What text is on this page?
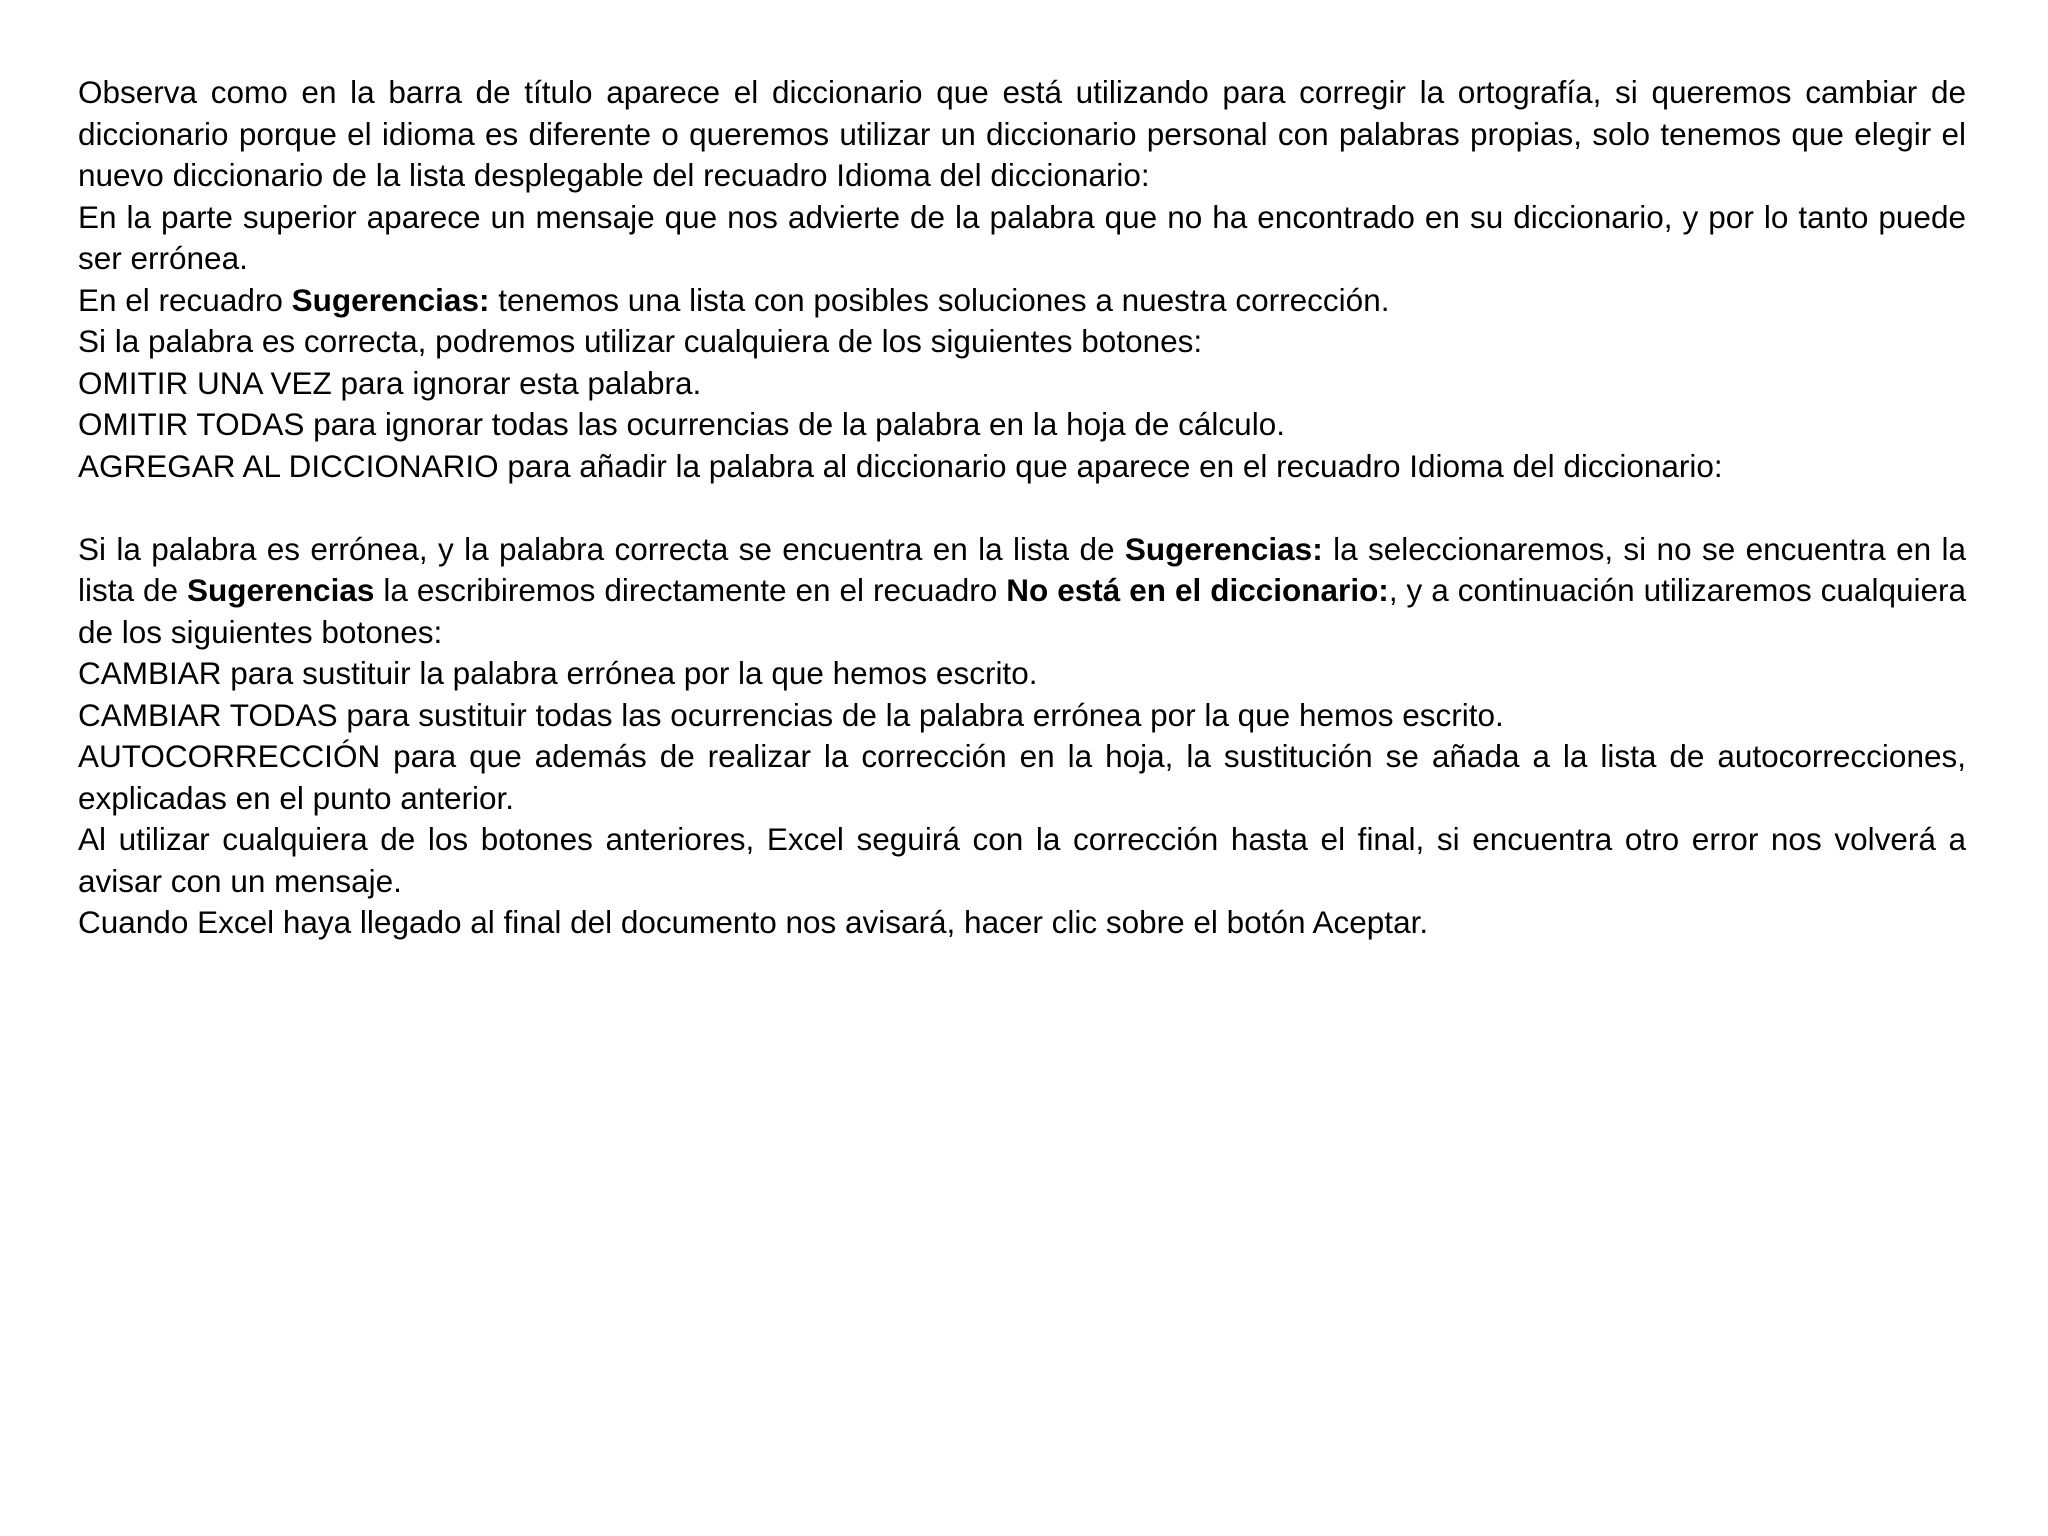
Observa como en la barra de título aparece el diccionario que está utilizando para corregir la ortografía, si queremos cambiar de diccionario porque el idioma es diferente o queremos utilizar un diccionario personal con palabras propias, solo tenemos que elegir el nuevo diccionario de la lista desplegable del recuadro Idioma del diccionario:

En la parte superior aparece un mensaje que nos advierte de la palabra que no ha encontrado en su diccionario, y por lo tanto puede ser errónea.

En el recuadro Sugerencias: tenemos una lista con posibles soluciones a nuestra corrección.

Si la palabra es correcta, podremos utilizar cualquiera de los siguientes botones:

OMITIR UNA VEZ para ignorar esta palabra.

OMITIR TODAS para ignorar todas las ocurrencias de la palabra en la hoja de cálculo.

AGREGAR AL DICCIONARIO para añadir la palabra al diccionario que aparece en el recuadro Idioma del diccionario:

Si la palabra es errónea, y la palabra correcta se encuentra en la lista de Sugerencias: la seleccionaremos, si no se encuentra en la lista de Sugerencias la escribiremos directamente en el recuadro No está en el diccionario:, y a continuación utilizaremos cualquiera de los siguientes botones:

CAMBIAR para sustituir la palabra errónea por la que hemos escrito.

CAMBIAR TODAS para sustituir todas las ocurrencias de la palabra errónea por la que hemos escrito.

AUTOCORRECCIÓN para que además de realizar la corrección en la hoja, la sustitución se añada a la lista de autocorrecciones, explicadas en el punto anterior.

Al utilizar cualquiera de los botones anteriores, Excel seguirá con la corrección hasta el final, si encuentra otro error nos volverá a avisar con un mensaje.

Cuando Excel haya llegado al final del documento nos avisará, hacer clic sobre el botón Aceptar.
